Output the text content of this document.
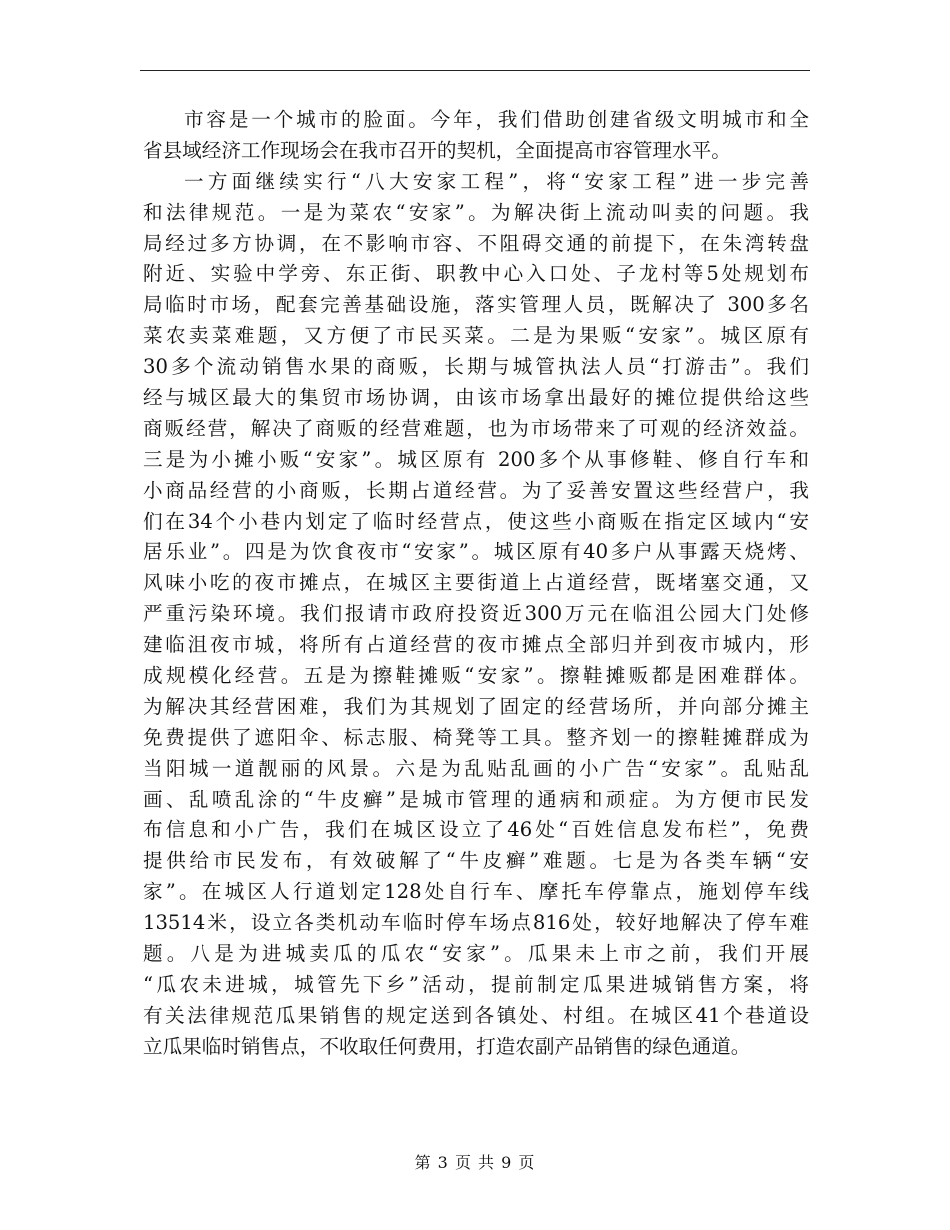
市容是一个城市的脸面。今年，我们借助创建省级文明城市和全
省县域经济工作现场会在我市召开的契机，全面提高市容管理水平。
一方面继续实行“八大安家工程”，将“安家工程”进一步完善
和法律规范。一是为菜农“安家”。为解决街上流动叫卖的问题。我
局经过多方协调，在不影响市容、不阻碍交通的前提下，在朱湾转盘
附近、实验中学旁、东正街、职教中心入口处、子龙村等5处规划布
局临时市场，配套完善基础设施，落实管理人员，既解决了 300多名
菜农卖菜难题，又方便了市民买菜。二是为果贩“安家”。城区原有
30多个流动销售水果的商贩，长期与城管执法人员“打游击”。我们
经与城区最大的集贸市场协调，由该市场拿出最好的摊位提供给这些
商贩经营，解决了商贩的经营难题，也为市场带来了可观的经济效益。
三是为小摊小贩“安家”。城区原有 200多个从事修鞋、修自行车和
小商品经营的小商贩，长期占道经营。为了妥善安置这些经营户，我
们在34个小巷内划定了临时经营点，使这些小商贩在指定区域内“安
居乐业”。四是为饮食夜市“安家”。城区原有40多户从事露天烧烤、
风味小吃的夜市摊点，在城区主要街道上占道经营，既堵塞交通，又
严重污染环境。我们报请市政府投资近300万元在临沮公园大门处修
建临沮夜市城，将所有占道经营的夜市摊点全部归并到夜市城内，形
成规模化经营。五是为擦鞋摊贩“安家”。擦鞋摊贩都是困难群体。
为解决其经营困难，我们为其规划了固定的经营场所，并向部分摊主
免费提供了遮阳伞、标志服、椅凳等工具。整齐划一的擦鞋摊群成为
当阳城一道靓丽的风景。六是为乱贴乱画的小广告“安家”。乱贴乱
画、乱喷乱涂的“牛皮癣”是城市管理的通病和顽症。为方便市民发
布信息和小广告，我们在城区设立了46处“百姓信息发布栏”，免费
提供给市民发布，有效破解了“牛皮癣”难题。七是为各类车辆“安
家”。在城区人行道划定128处自行车、摩托车停靠点，施划停车线
13514米，设立各类机动车临时停车场点816处，较好地解决了停车难
题。八是为进城卖瓜的瓜农“安家”。瓜果未上市之前，我们开展
“瓜农未进城，城管先下乡”活动，提前制定瓜果进城销售方案，将
有关法律规范瓜果销售的规定送到各镇处、村组。在城区41个巷道设
立瓜果临时销售点，不收取任何费用，打造农副产品销售的绿色通道。
第 3 页 共 9 页
